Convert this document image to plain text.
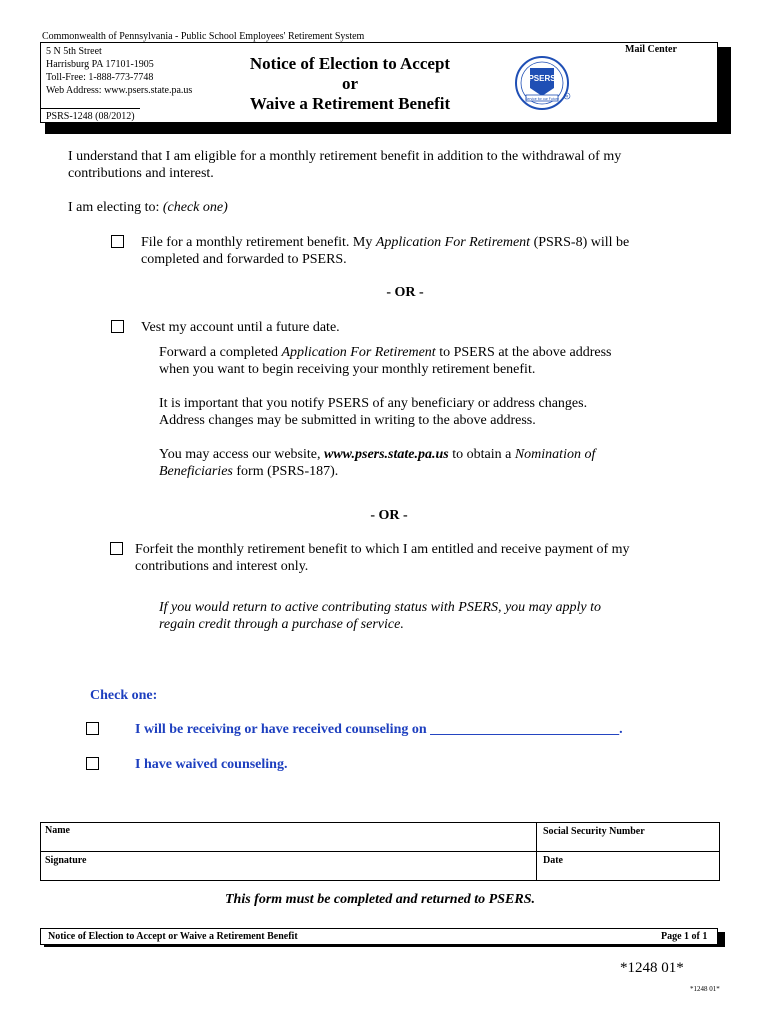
Commonwealth of Pennsylvania - Public School Employees' Retirement System
5 N 5th Street
Harrisburg PA 17101-1905
Toll-Free: 1-888-773-7748
Web Address: www.psers.state.pa.us
PSRS-1248 (08/2012)
Notice of Election to Accept
or
Waive a Retirement Benefit
PSERS
Service for our Future
R
Mail Center
I understand that I am eligible for a monthly retirement benefit in addition to the withdrawal of my contributions and interest.
I am electing to: (check one)
File for a monthly retirement benefit. My Application For Retirement (PSRS-8) will be completed and forwarded to PSERS.
- OR -
Vest my account until a future date.
Forward a completed Application For Retirement to PSERS at the above address when you want to begin receiving your monthly retirement benefit.
It is important that you notify PSERS of any beneficiary or address changes. Address changes may be submitted in writing to the above address.
You may access our website, www.psers.state.pa.us to obtain a Nomination of Beneficiaries form (PSRS-187).
- OR -
Forfeit the monthly retirement benefit to which I am entitled and receive payment of my contributions and interest only.
If you would return to active contributing status with PSERS, you may apply to regain credit through a purchase of service.
Check one:
I will be receiving or have received counseling on ___________________________.
I have waived counseling.
Name	Social Security Number
Signature	Date
This form must be completed and returned to PSERS.
Notice of Election to Accept or Waive a Retirement Benefit	Page 1 of 1
*1248 01*
*1248 01*
